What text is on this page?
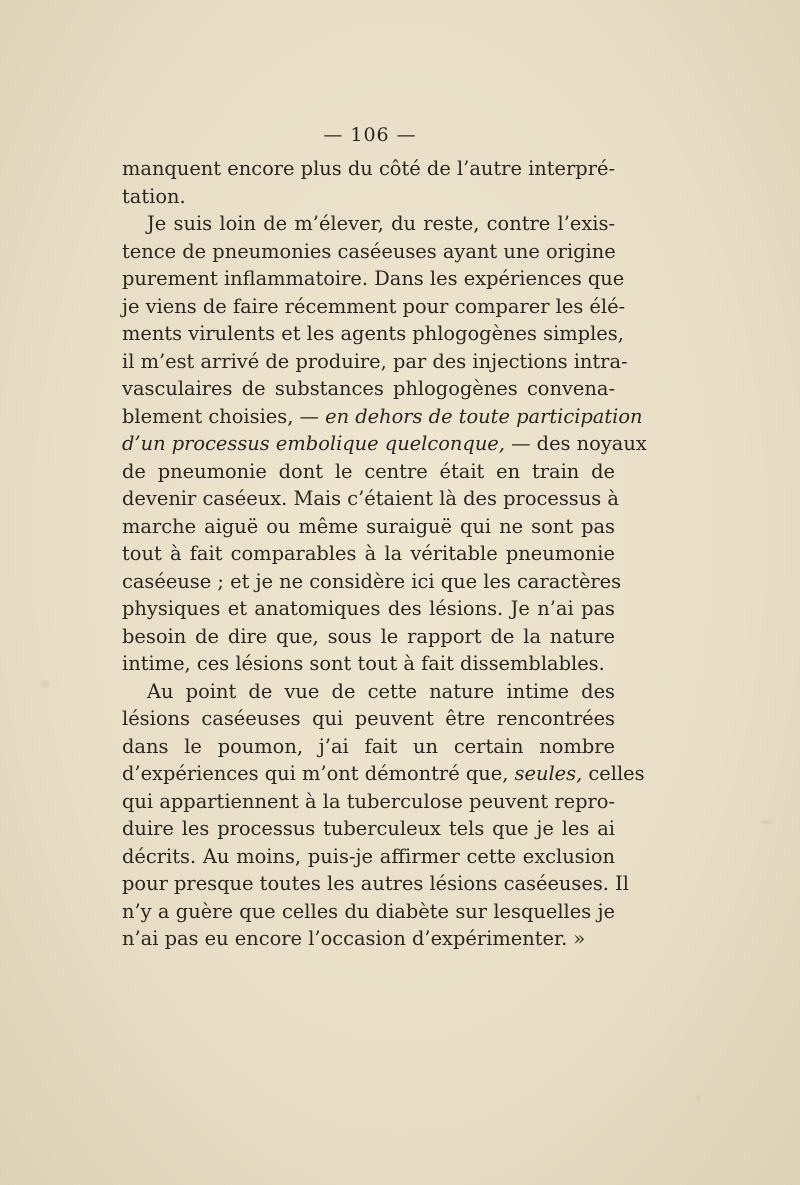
— 106 —
manquent encore plus du côté de l’autre interpré-
tation.
Je suis loin de m’élever, du reste, contre l’exis-
tence de pneumonies caséeuses ayant une origine
purement inflammatoire. Dans les expériences que
je viens de faire récemment pour comparer les élé-
ments virulents et les agents phlogogènes simples,
il m’est arrivé de produire, par des injections intra-
vasculaires de substances phlogogènes convena-
blement choisies, — en dehors de toute participation
d’un processus embolique quelconque, — des noyaux
de pneumonie dont le centre était en train de
devenir caséeux. Mais c’étaient là des processus à
marche aiguë ou même suraiguë qui ne sont pas
tout à fait comparables à la véritable pneumonie
caséeuse ; et je ne considère ici que les caractères
physiques et anatomiques des lésions. Je n’ai pas
besoin de dire que, sous le rapport de la nature
intime, ces lésions sont tout à fait dissemblables.
Au point de vue de cette nature intime des
lésions caséeuses qui peuvent être rencontrées
dans le poumon, j’ai fait un certain nombre
d’expériences qui m’ont démontré que, seules, celles
qui appartiennent à la tuberculose peuvent repro-
duire les processus tuberculeux tels que je les ai
décrits. Au moins, puis-je affirmer cette exclusion
pour presque toutes les autres lésions caséeuses. Il
n’y a guère que celles du diabète sur lesquelles je
n’ai pas eu encore l’occasion d’expérimenter. »
